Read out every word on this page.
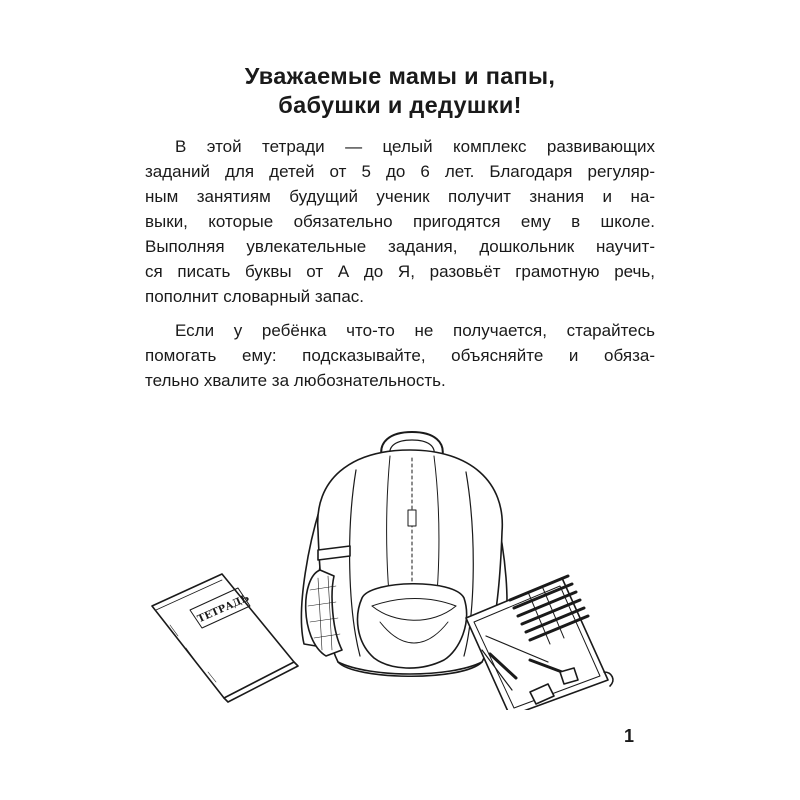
Уважаемые мамы и папы,
бабушки и дедушки!
В этой тетради — целый комплекс развивающих
заданий для детей от 5 до 6 лет. Благодаря регуляр-
ным занятиям будущий ученик получит знания и на-
выки, которые обязательно пригодятся ему в школе.
Выполняя увлекательные задания, дошкольник научит-
ся писать буквы от А до Я, разовьёт грамотную речь,
пополнит словарный запас.
Если у ребёнка что-то не получается, старайтесь
помогать ему: подсказывайте, объясняйте и обяза-
тельно хвалите за любознательность.
ТЕТРАДЬ
1
